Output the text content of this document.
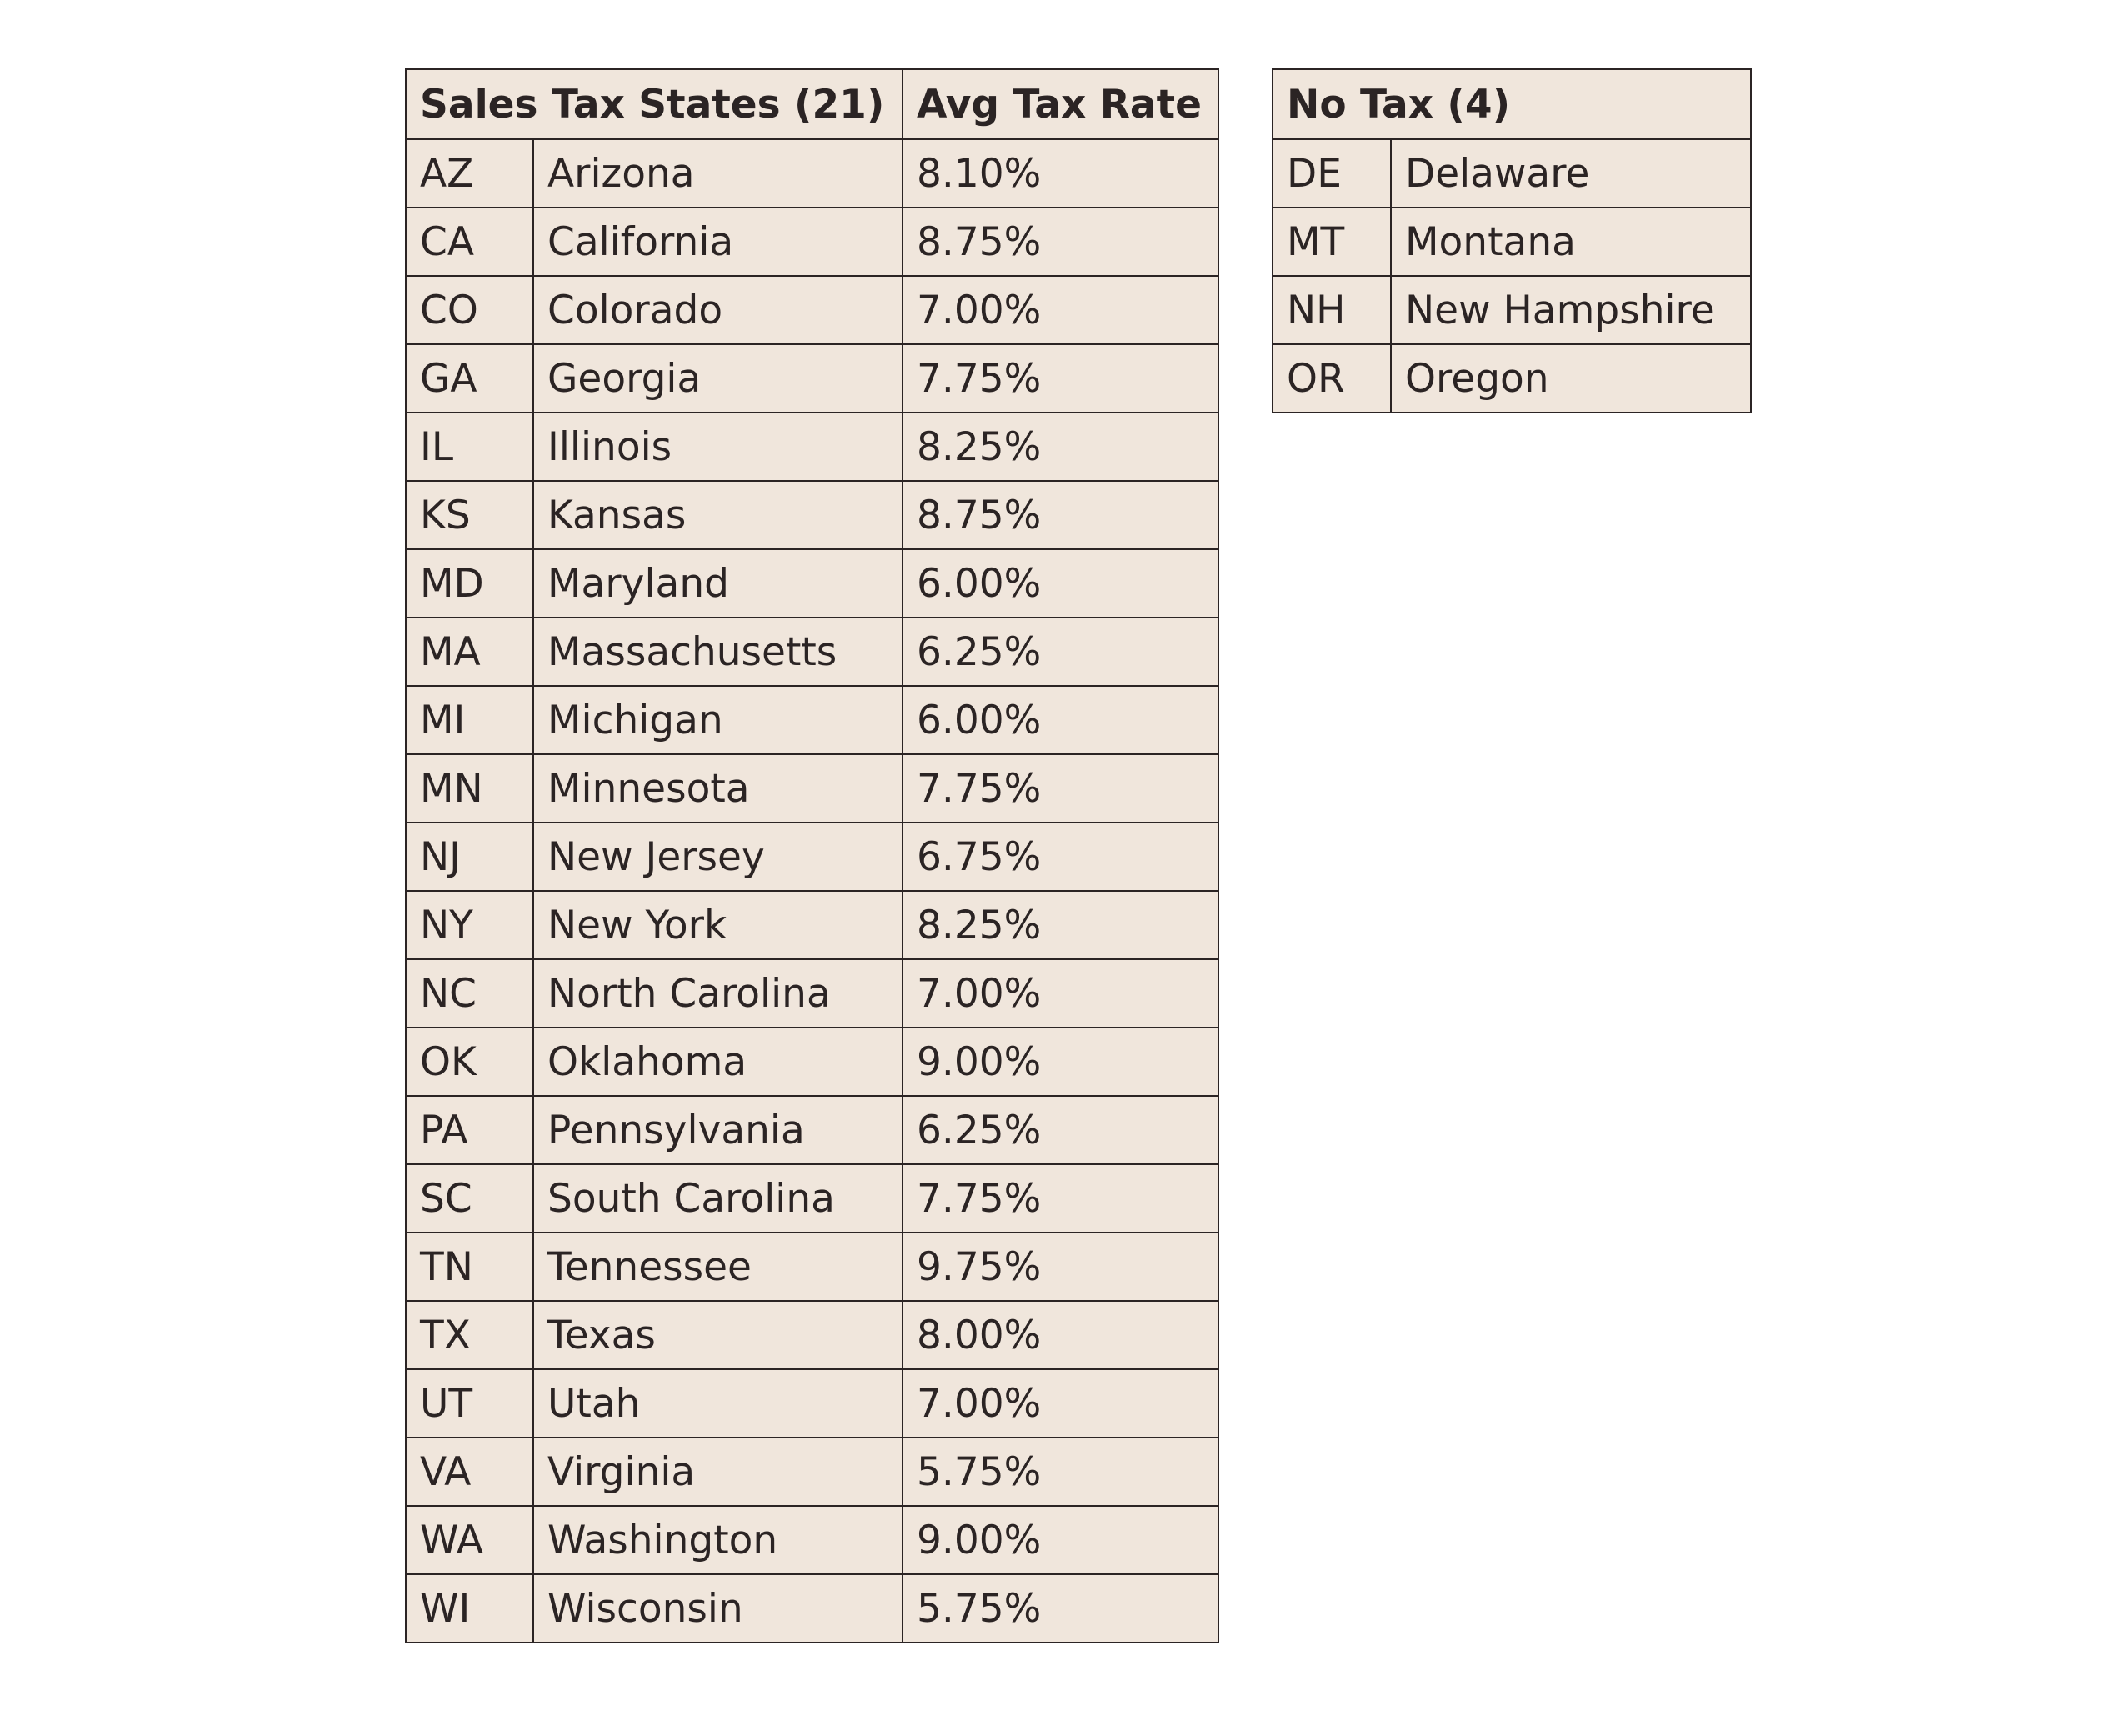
Sales Tax States (21)		Avg Tax Rate
AZ	Arizona	8.10%
CA	California	8.75%
CO	Colorado	7.00%
GA	Georgia	7.75%
IL	Illinois	8.25%
KS	Kansas	8.75%
MD	Maryland	6.00%
MA	Massachusetts	6.25%
MI	Michigan	6.00%
MN	Minnesota	7.75%
NJ	New Jersey	6.75%
NY	New York	8.25%
NC	North Carolina	7.00%
OK	Oklahoma	9.00%
PA	Pennsylvania	6.25%
SC	South Carolina	7.75%
TN	Tennessee	9.75%
TX	Texas	8.00%
UT	Utah	7.00%
VA	Virginia	5.75%
WA	Washington	9.00%
WI	Wisconsin	5.75%
No Tax (4)	
DE	Delaware
MT	Montana
NH	New Hampshire
OR	Oregon
